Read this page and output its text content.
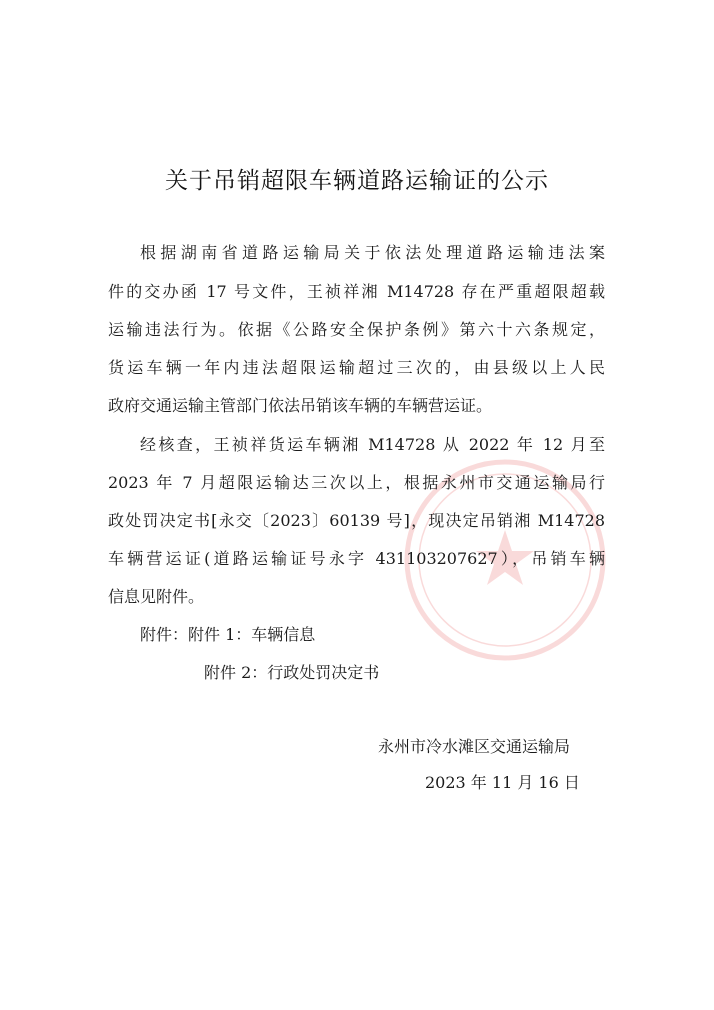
关于吊销超限车辆道路运输证的公示
根据湖南省道路运输局关于依法处理道路运输违法案
件的交办函 17 号文件，王祯祥湘 M14728 存在严重超限超载
运输违法行为。依据《公路安全保护条例》第六十六条规定，
货运车辆一年内违法超限运输超过三次的，由县级以上人民
政府交通运输主管部门依法吊销该车辆的车辆营运证。
经核查，王祯祥货运车辆湘 M14728 从 2022 年 12 月至
2023 年 7 月超限运输达三次以上，根据永州市交通运输局行
政处罚决定书[永交〔2023〕60139 号]，现决定吊销湘 M14728
车辆营运证(道路运输证号永字 431103207627），吊销车辆
信息见附件。
附件：附件 1：车辆信息
附件 2：行政处罚决定书
永州市冷水滩区交通运输局
2023 年 11 月 16 日
